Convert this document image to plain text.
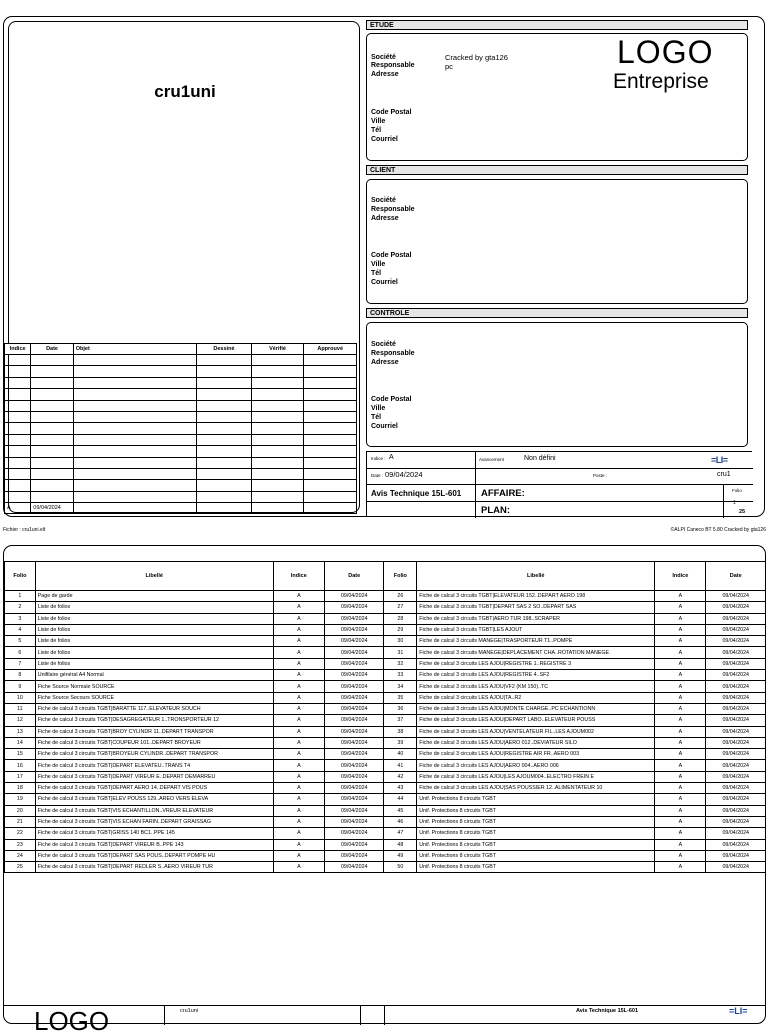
cru1uni
Indice	Date	Objet	Dessiné	Vérifié	Approuvé

A	09/04/2024				
ETUDE
Société	Cracked by gta126
Responsable	pc
Adresse
Code Postal
Ville
Tél
Courriel
LOGO
Entreprise
CLIENT
Société
Responsable
Adresse
Code Postal
Ville
Tél
Courriel
CONTROLE
Société
Responsable
Adresse
Code Postal
Ville
Tél
Courriel
Indice : A	Avancement	Non défini
Date : 09/04/2024	Poste :	cru1
Avis Technique 15L-601 AFFAIRE:
PLAN:
Folio
1
25
=LI=
Fichier : cru1uni.elt	©ALPI Caneco BT 5.80 Cracked by gta126
Folio	Libellé	Indice	Date	Folio	Libellé	Indice	Date
1	Page de garde	A	09/04/2024	26	Fiche de calcul 3 circuits TGBT|ELEVATEUR 152..DEPART AERO 198	A	09/04/2024
2	Liste de folios	A	09/04/2024	27	Fiche de calcul 3 circuits TGBT|DEPART SAS 2 SO..DEPART SAS	A	09/04/2024
3	Liste de folios	A	09/04/2024	28	Fiche de calcul 3 circuits TGBT|AERO TUR 198..SCRAPER	A	09/04/2024
4	Liste de folios	A	09/04/2024	29	Fiche de calcul 3 circuits TGBT|LES AJOUT	A	09/04/2024
5	Liste de folios	A	09/04/2024	30	Fiche de calcul 3 circuits MANEGE|TRASPORTEUR T1..POMPE	A	09/04/2024
6	Liste de folios	A	09/04/2024	31	Fiche de calcul 3 circuits MANEGE|DEPLACEMENT CHA..ROTATION MANEGE	A	09/04/2024
7	Liste de folios	A	09/04/2024	32	Fiche de calcul 3 circuits LES AJOU|REGISTRE 1..REGISTRE 3	A	09/04/2024
8	Unifilaire général A4 Normal	A	09/04/2024	33	Fiche de calcul 3 circuits LES AJOU|REGISTRE 4..SF2	A	09/04/2024
9	Fiche Source Normale SOURCE	A	09/04/2024	34	Fiche de calcul 3 circuits LES AJOU|VF2 (KM 150)..TC	A	09/04/2024
10	Fiche Source Secours SOURCE	A	09/04/2024	35	Fiche de calcul 3 circuits LES AJOU|TA..R2	A	09/04/2024
11	Fiche de calcul 3 circuits TGBT|BARATTE 117..ELEVATEUR SOUCH	A	09/04/2024	36	Fiche de calcul 3 circuits LES AJOU|MONTE CHARGE..PC ECHANTIONN	A	09/04/2024
12	Fiche de calcul 3 circuits TGBT|DESAGREGATEUR 1..TRONSPORTEUR 12	A	09/04/2024	37	Fiche de calcul 3 circuits LES AJOU|DEPART LABO..ELEVATEUR POUSS	A	09/04/2024
13	Fiche de calcul 3 circuits TGBT|BROY CYLINDR 11..DEPART TRANSPOR	A	09/04/2024	38	Fiche de calcul 3 circuits LES AJOU|VENTELATEUR FIL..LES AJOUM002	A	09/04/2024
14	Fiche de calcul 3 circuits TGBT|COUPEUR 101..DEPART BROYEUR	A	09/04/2024	39	Fiche de calcul 3 circuits LES AJOU|AERO 012..DEVIATEUR SILO	A	09/04/2024
15	Fiche de calcul 3 circuits TGBT|BROYEUR CYLINDR..DEPART TRANSPOR	A	09/04/2024	40	Fiche de calcul 3 circuits LES AJOU|REGISTRE AIR FR..AERO 003	A	09/04/2024
16	Fiche de calcul 3 circuits TGBT|DEPART ELEVATEU..TRANS T4	A	09/04/2024	41	Fiche de calcul 3 circuits LES AJOU|AERO 004..AERO 006	A	09/04/2024
17	Fiche de calcul 3 circuits TGBT|DEPART VIREUR E..DEPART DEMARREU	A	09/04/2024	42	Fiche de calcul 3 circuits LES AJOU|LES AJOUM004..ELECTRO FREIN E	A	09/04/2024
18	Fiche de calcul 3 circuits TGBT|DEPART AERO 14..DEPART VIS POUS	A	09/04/2024	43	Fiche de calcul 3 circuits LES AJOU|SAS POUSSIER 12..ALIMENTATEUR 10	A	09/04/2024
19	Fiche de calcul 3 circuits TGBT|ELEV POUSS 129..AREO VERS ELEVA	A	09/04/2024	44	Unif. Protections 8 circuits TGBT	A	09/04/2024
20	Fiche de calcul 3 circuits TGBT|VIS ECHANTILLON..VREUR ELEVATEUR	A	09/04/2024	45	Unif. Protections 8 circuits TGBT	A	09/04/2024
21	Fiche de calcul 3 circuits TGBT|VIS ECHAN FARIN..DEPART GRAISSAG	A	09/04/2024	46	Unif. Protections 8 circuits TGBT	A	09/04/2024
22	Fiche de calcul 3 circuits TGBT|GRISS 140 BC1..PPE 145	A	09/04/2024	47	Unif. Protections 8 circuits TGBT	A	09/04/2024
23	Fiche de calcul 3 circuits TGBT|DEPART VIREUR B..PPE 143	A	09/04/2024	48	Unif. Protections 8 circuits TGBT	A	09/04/2024
24	Fiche de calcul 3 circuits TGBT|DEPART SAS POUS..DEPART POMPE HU	A	09/04/2024	49	Unif. Protections 8 circuits TGBT	A	09/04/2024
25	Fiche de calcul 3 circuits TGBT|DEPART REDLER S..AERO VIREUR TUR	A	09/04/2024	50	Unif. Protections 8 circuits TGBT	A	09/04/2024
LOGO	cru1uni	Avis Technique 15L-601	=LI=
